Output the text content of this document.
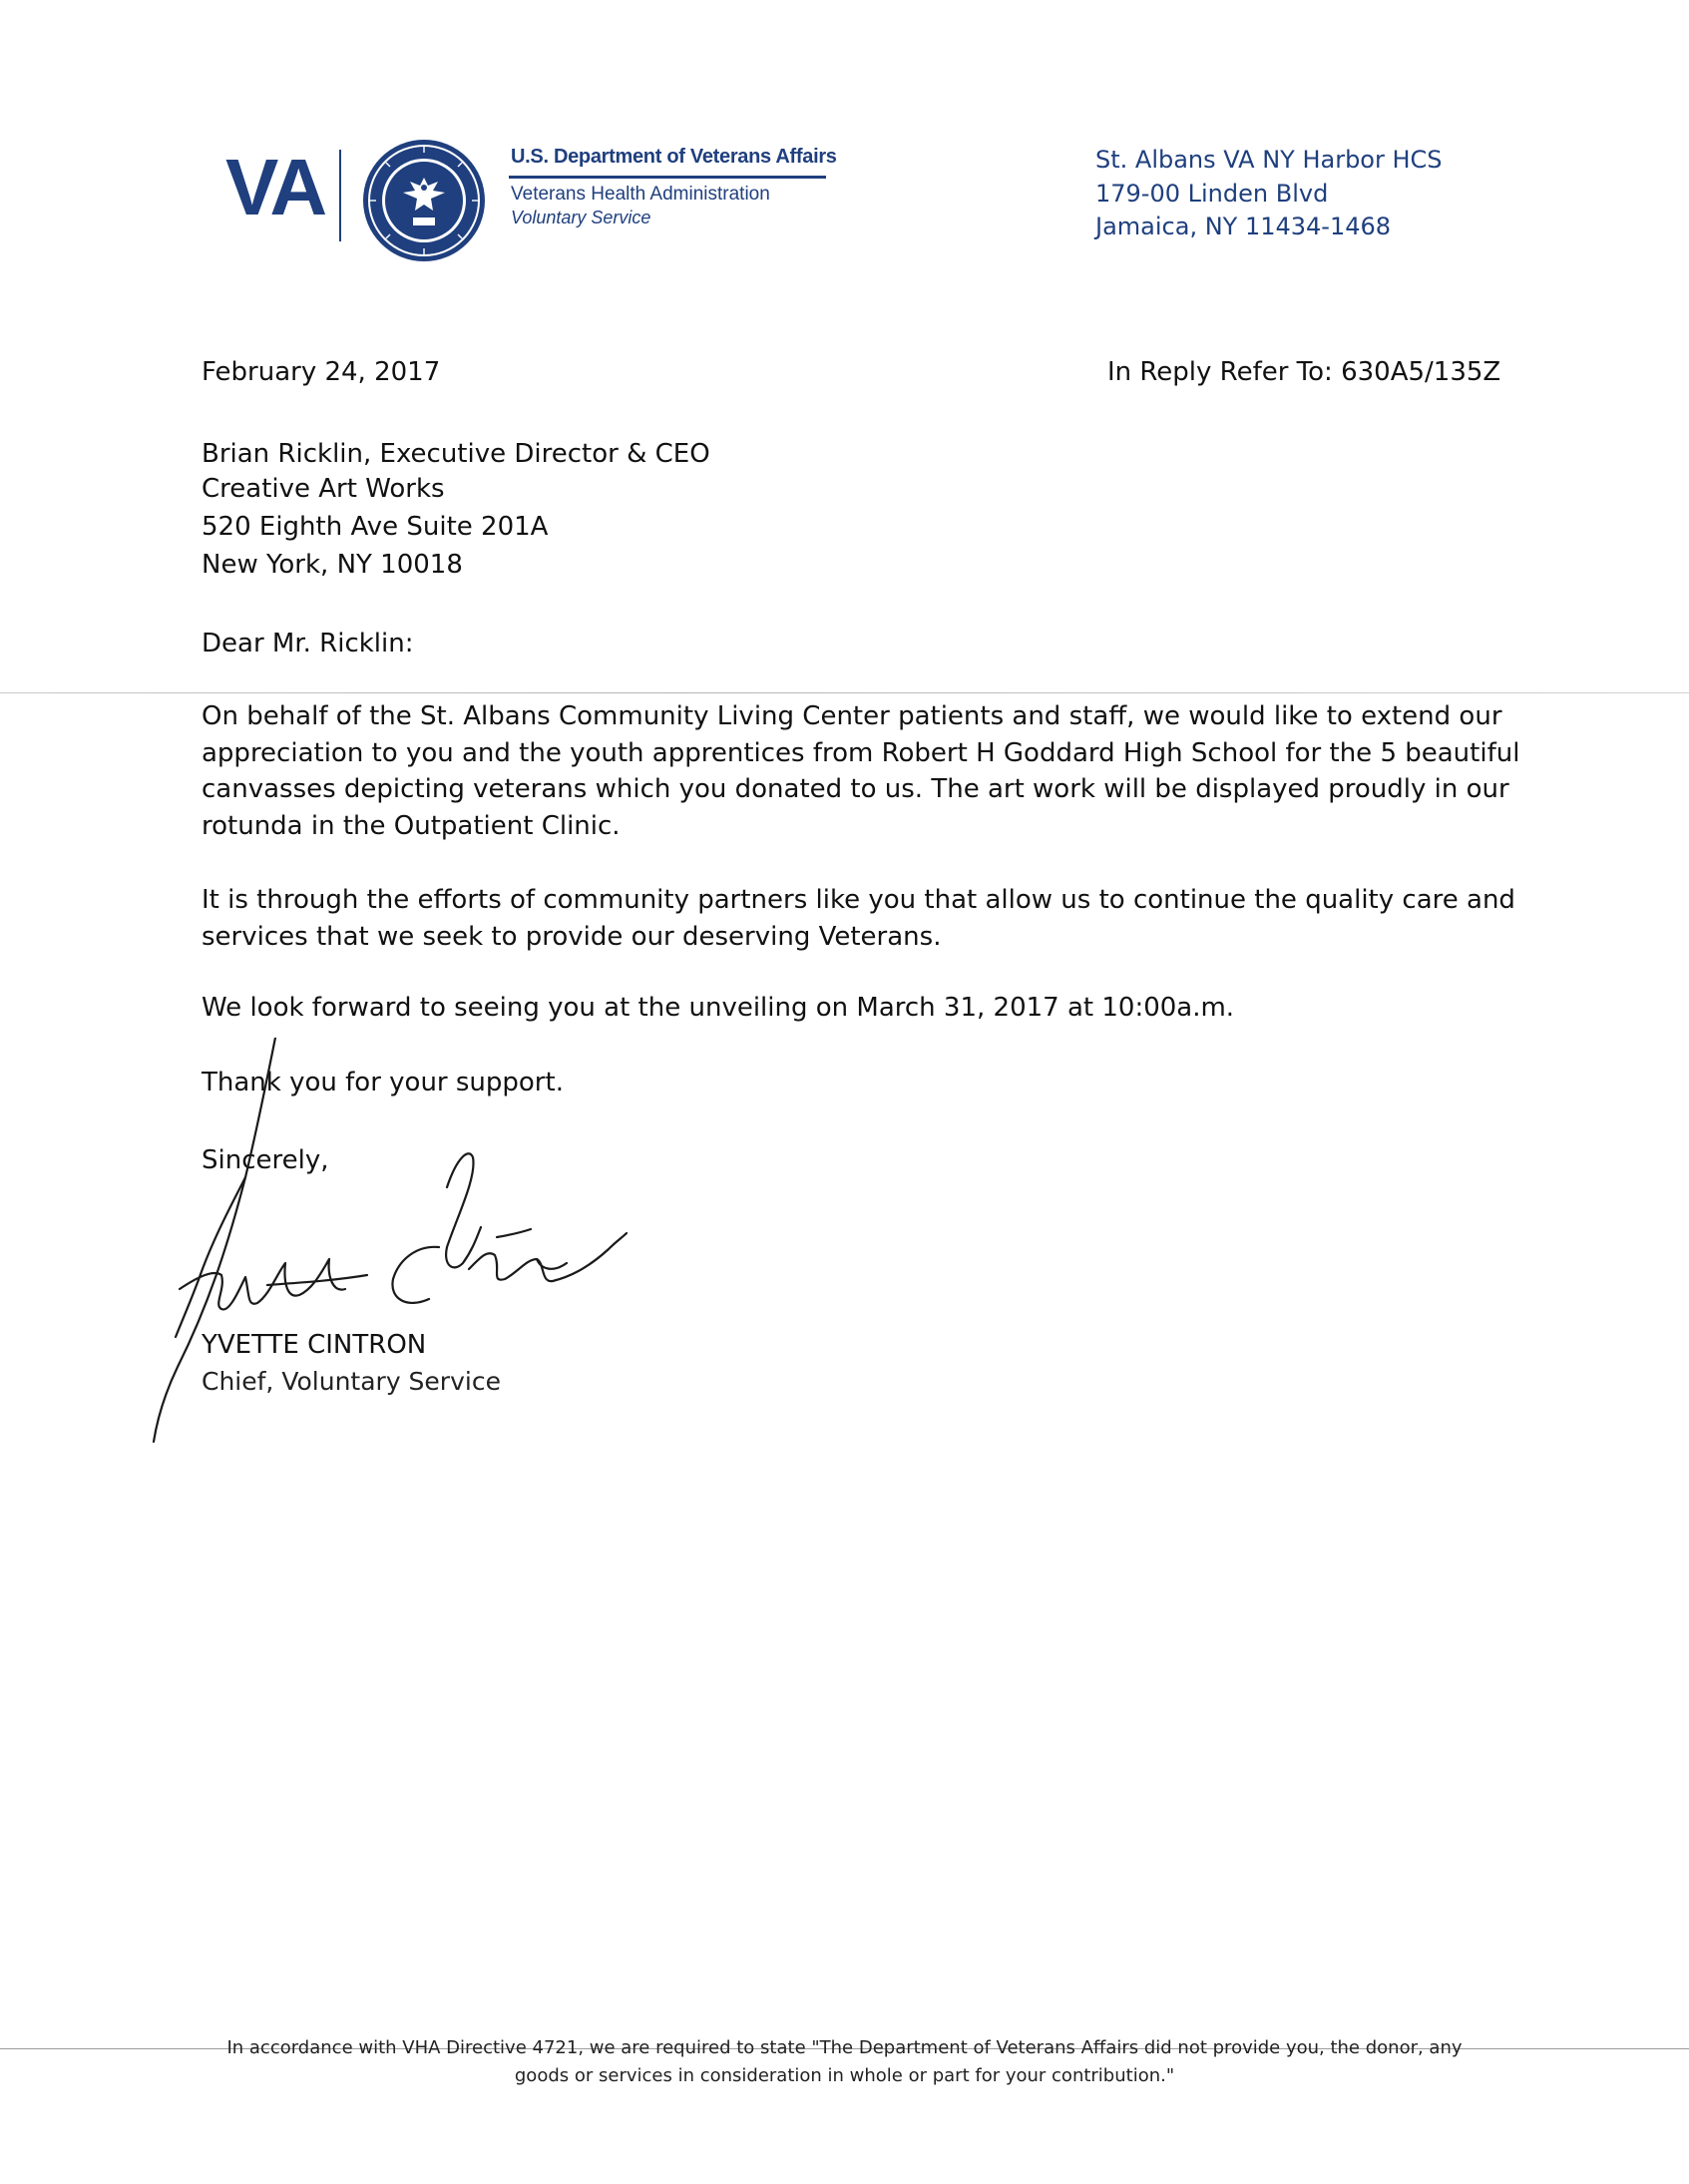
VA	U.S. Department of Veterans Affairs
Veterans Health Administration
Voluntary Service
St. Albans VA NY Harbor HCS
179-00 Linden Blvd
Jamaica, NY 11434-1468
February 24, 2017	In Reply Refer To: 630A5/135Z
Brian Ricklin, Executive Director & CEO
Creative Art Works
520 Eighth Ave Suite 201A
New York, NY 10018
Dear Mr. Ricklin:
On behalf of the St. Albans Community Living Center patients and staff, we would like to extend our
appreciation to you and the youth apprentices from Robert H Goddard High School for the 5 beautiful
canvasses depicting veterans which you donated to us. The art work will be displayed proudly in our
rotunda in the Outpatient Clinic.
It is through the efforts of community partners like you that allow us to continue the quality care and
services that we seek to provide our deserving Veterans.
We look forward to seeing you at the unveiling on March 31, 2017 at 10:00a.m.
Thank you for your support.
Sincerely,
YVETTE CINTRON
Chief, Voluntary Service
In accordance with VHA Directive 4721, we are required to state "The Department of Veterans Affairs did not provide you, the donor, any
goods or services in consideration in whole or part for your contribution."
